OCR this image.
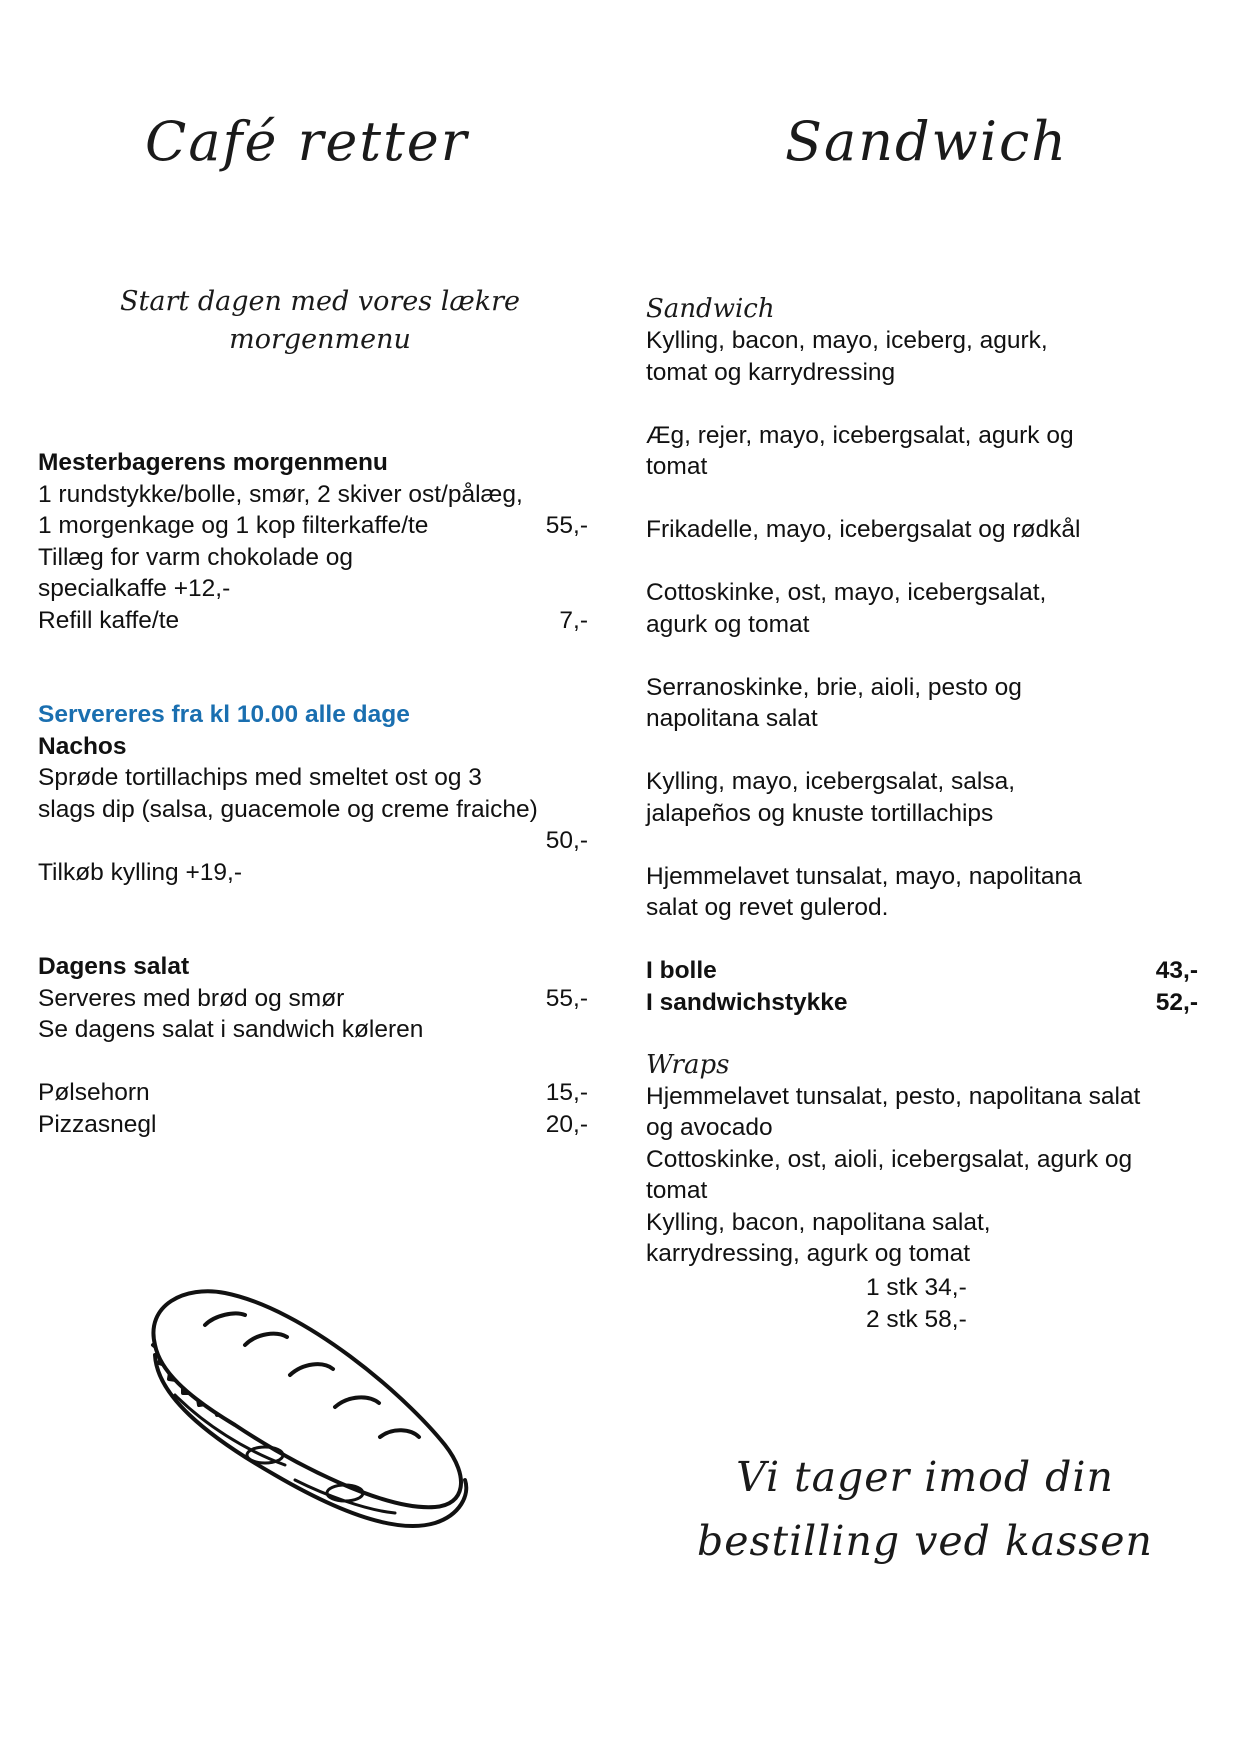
Café retter	Sandwich
Start dagen med vores lækre
morgenmenu
Mesterbagerens morgenmenu
1 rundstykke/bolle, smør, 2 skiver ost/pålæg,
1 morgenkage og 1 kop filterkaffe/te	55,-
Tillæg for varm chokolade og
specialkaffe +12,-
Refill kaffe/te	7,-
Servereres fra kl 10.00 alle dage
Nachos
Sprøde tortillachips med smeltet ost og 3
slags dip (salsa, guacemole og creme fraiche)
50,-
Tilkøb kylling +19,-
Dagens salat
Serveres med brød og smør	55,-
Se dagens salat i sandwich køleren
Pølsehorn	15,-
Pizzasnegl	20,-
Sandwich
Kylling, bacon, mayo, iceberg, agurk,
tomat og karrydressing
Æg, rejer, mayo, icebergsalat, agurk og
tomat
Frikadelle, mayo, icebergsalat og rødkål
Cottoskinke, ost, mayo, icebergsalat,
agurk og tomat
Serranoskinke, brie, aioli, pesto og
napolitana salat
Kylling, mayo, icebergsalat, salsa,
jalapeños og knuste tortillachips
Hjemmelavet tunsalat, mayo, napolitana
salat og revet gulerod.
I bolle	43,-
I sandwichstykke	52,-
Wraps
Hjemmelavet tunsalat, pesto, napolitana salat
og avocado
Cottoskinke, ost, aioli, icebergsalat, agurk og
tomat
Kylling, bacon, napolitana salat,
karrydressing, agurk og tomat
1 stk 34,-
2 stk 58,-
Vi tager imod din
bestilling ved kassen
